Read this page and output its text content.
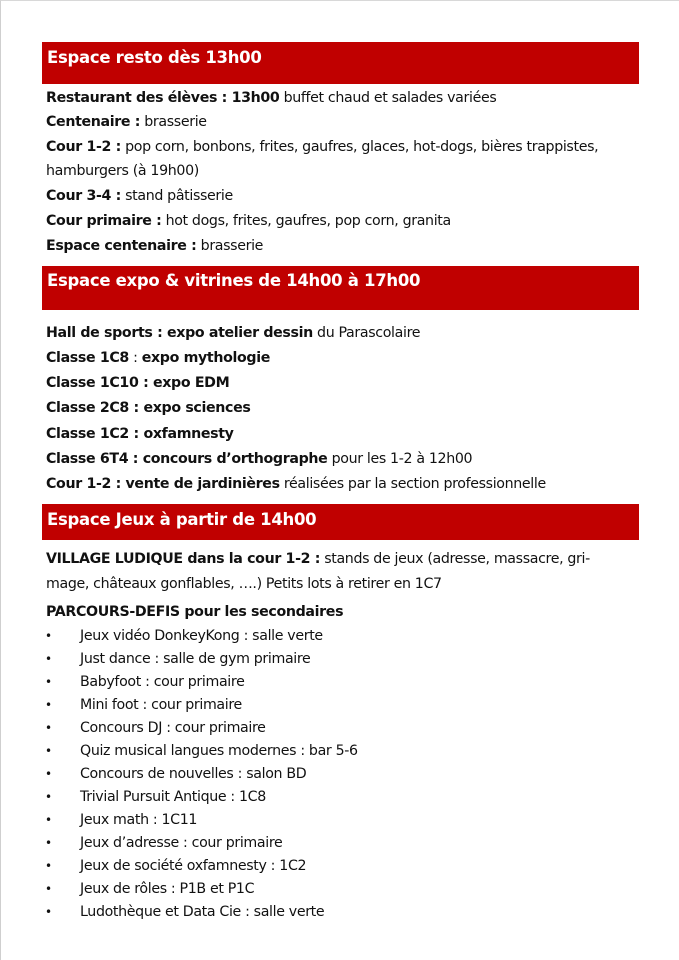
Espace resto dès 13h00
Restaurant des élèves : 13h00 buffet chaud et salades variées
Centenaire : brasserie
Cour 1-2 : pop corn, bonbons, frites, gaufres, glaces, hot-dogs, bières trappistes,
hamburgers (à 19h00)
Cour 3-4 : stand pâtisserie
Cour primaire : hot dogs, frites, gaufres, pop corn, granita
Espace centenaire : brasserie
Espace expo & vitrines de 14h00 à 17h00
Hall de sports : expo atelier dessin du Parascolaire
Classe 1C8 : expo mythologie
Classe 1C10 : expo EDM
Classe 2C8 : expo sciences
Classe 1C2 : oxfamnesty
Classe 6T4 : concours d’orthographe pour les 1-2 à 12h00
Cour 1-2 : vente de jardinières réalisées par la section professionnelle
Espace Jeux à partir de 14h00
VILLAGE LUDIQUE dans la cour 1-2 : stands de jeux (adresse, massacre, gri-
mage, châteaux gonflables, ….) Petits lots à retirer en 1C7
PARCOURS-DEFIS pour les secondaires
• Jeux vidéo DonkeyKong : salle verte
• Just dance : salle de gym primaire
• Babyfoot : cour primaire
• Mini foot : cour primaire
• Concours DJ : cour primaire
• Quiz musical langues modernes : bar 5-6
• Concours de nouvelles : salon BD
• Trivial Pursuit Antique : 1C8
• Jeux math : 1C11
• Jeux d’adresse : cour primaire
• Jeux de société oxfamnesty : 1C2
• Jeux de rôles : P1B et P1C
• Ludothèque et Data Cie : salle verte
